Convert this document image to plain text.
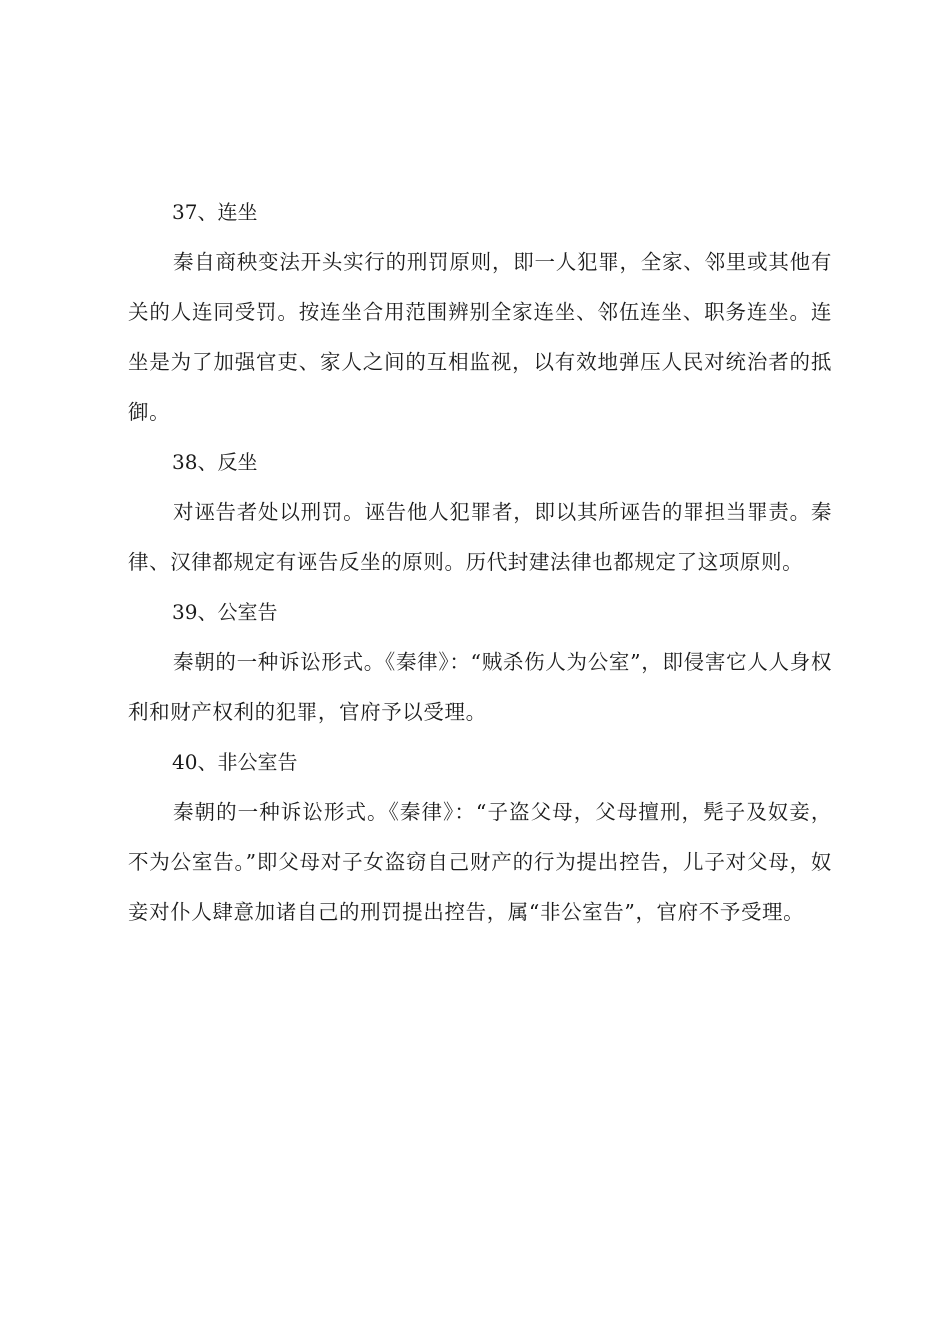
37、连坐

秦自商秧变法开头实行的刑罚原则，即一人犯罪，全家、邻里或其他有关的人连同受罚。按连坐合用范围辨别全家连坐、邻伍连坐、职务连坐。连坐是为了加强官吏、家人之间的互相监视，以有效地弹压人民对统治者的抵御。

38、反坐

对诬告者处以刑罚。诬告他人犯罪者，即以其所诬告的罪担当罪责。秦律、汉律都规定有诬告反坐的原则。历代封建法律也都规定了这项原则。

39、公室告

秦朝的一种诉讼形式。《秦律》：“贼杀伤人为公室”，即侵害它人人身权利和财产权利的犯罪，官府予以受理。

40、非公室告

秦朝的一种诉讼形式。《秦律》：“子盗父母，父母擅刑，髡子及奴妾，不为公室告。”即父母对子女盗窃自己财产的行为提出控告，儿子对父母，奴妾对仆人肆意加诸自己的刑罚提出控告，属“非公室告”，官府不予受理。
